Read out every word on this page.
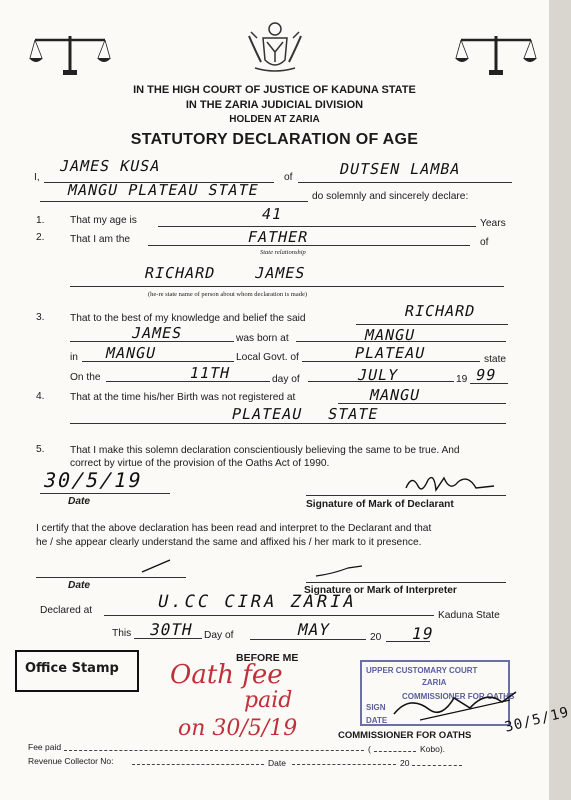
IN THE HIGH COURT OF JUSTICE OF KADUNA STATE
IN THE ZARIA JUDICIAL DIVISION
HOLDEN AT ZARIA
STATUTORY DECLARATION OF AGE
I,
JAMES KUSA
of	DUTSEN LAMBA
MANGU PLATEAU STATE	do solemnly and sincerely declare:
1.	That my age is	41
Years
2.	That I am the	FATHER	of
State relationship
RICHARD JAMES
(he-re state name of person about whom declaration is made)
3.	That to the best of my knowledge and belief the said	RICHARD
JAMES	was born at	MANGU
in MANGU	Local Govt. of	PLATEAU	state
On the	11TH	day of	JULY	19 99
4.	That at the time his/her Birth was not registered at	MANGU
PLATEAU STATE
5.	That I make this solemn declaration conscientiously believing the same to be true. And
correct by virtue of the provision of the Oaths Act of 1990.
30/5/19
Date	Signature of Mark of Declarant
I certify that the above declaration has been read and interpret to the Declarant and that
he / she appear clearly understand the same and affixed his / her mark to it presence.
Date	Signature or Mark of Interpreter
Declared at	U.CC CIRA ZARIA
Kaduna State
This 30TH Day of	MAY	20 19
BEFORE ME
Office Stamp Oath fee
paid
on 30/5/19
UPPER CUSTOMARY COURT
ZARIA
COMMISSIONER FOR OATHS
SIGN
DATE
COMMISSIONER FOR OATHS 30/5/19
Fee paid	(	Kobo).
Revenue Collector No:	Date	20
